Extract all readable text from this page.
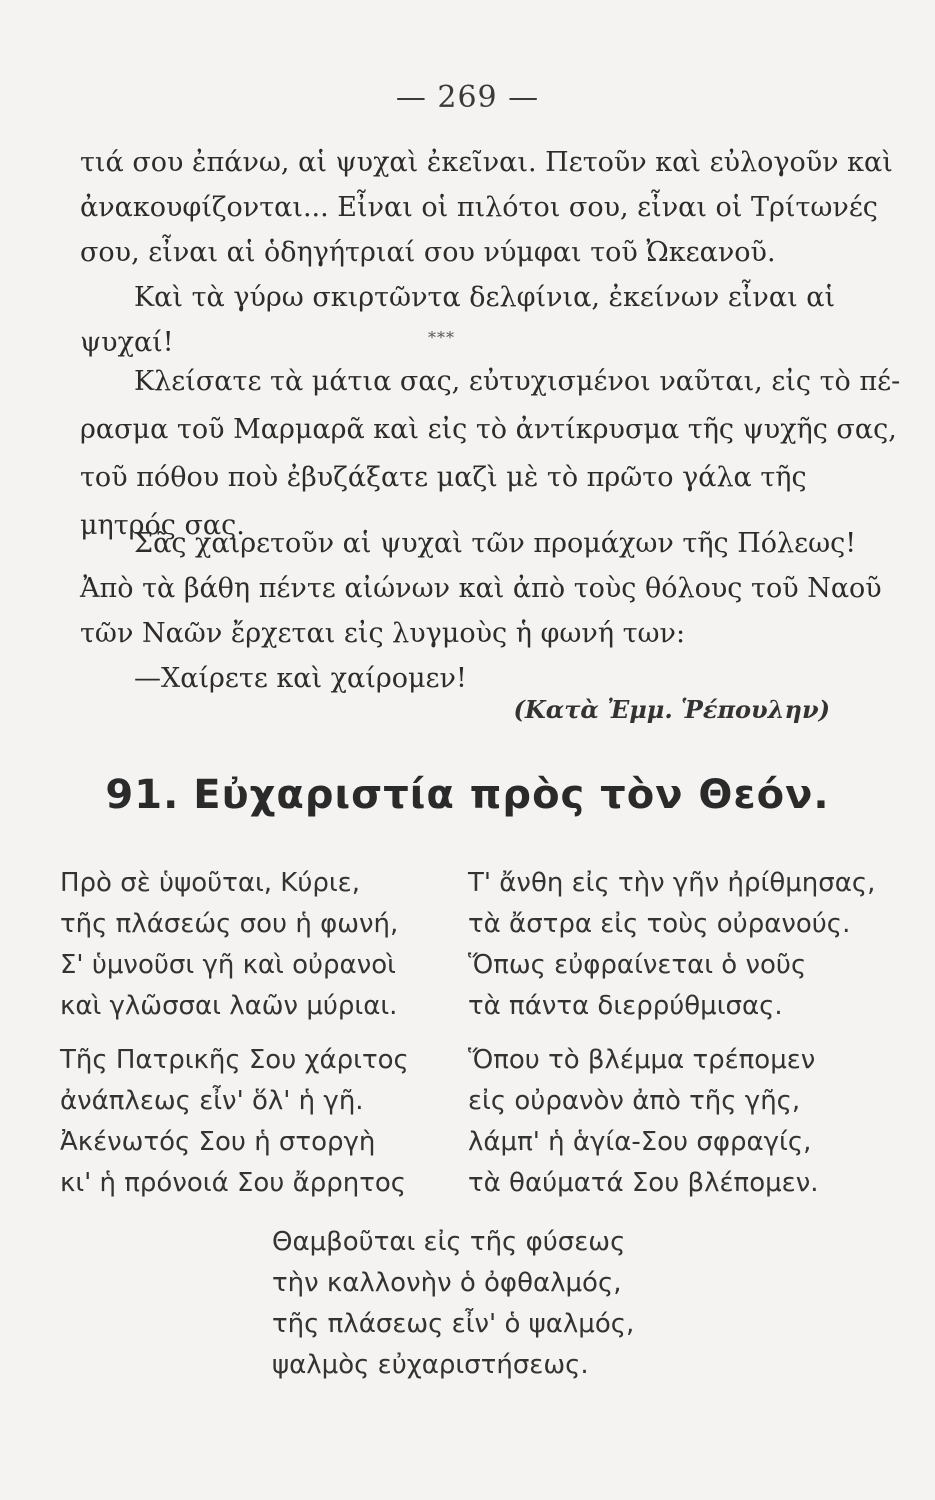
— 269 —
τιά σου ἐπάνω, αἱ ψυχαὶ ἐκεῖναι. Πετοῦν καὶ εὐλογοῦν καὶ
ἀνακουφίζονται... Εἶναι οἱ πιλότοι σου, εἶναι οἱ Τρίτωνές
σου, εἶναι αἱ ὁδηγήτριαί σου νύμφαι τοῦ Ὠκεανοῦ.
Καὶ τὰ γύρω σκιρτῶντα δελφίνια, ἐκείνων εἶναι αἱ
ψυχαί!	***
Κλείσατε τὰ μάτια σας, εὐτυχισμένοι ναῦται, εἰς τὸ πέ-
ρασμα τοῦ Μαρμαρᾶ καὶ εἰς τὸ ἀντίκρυσμα τῆς ψυχῆς σας,
τοῦ πόθου ποὺ ἐβυζάξατε μαζὶ μὲ τὸ πρῶτο γάλα τῆς
μητρός σας.
Σᾶς χαιρετοῦν αἱ ψυχαὶ τῶν προμάχων τῆς Πόλεως!
Ἀπὸ τὰ βάθη πέντε αἰώνων καὶ ἀπὸ τοὺς θόλους τοῦ Ναοῦ
τῶν Ναῶν ἔρχεται εἰς λυγμοὺς ἡ φωνή των:
—Χαίρετε καὶ χαίρομεν!
(Κατὰ Ἐμμ. Ῥέπουλην)
91. Εὐχαριστία πρὸς τὸν Θεόν.
Πρὸ σὲ ὑψοῦται, Κύριε,
τῆς πλάσεώς σου ἡ φωνή,
Σ' ὑμνοῦσι γῆ καὶ οὐρανοὶ
καὶ γλῶσσαι λαῶν μύριαι.
Τ' ἄνθη εἰς τὴν γῆν ἠρίθμησας,
τὰ ἄστρα εἰς τοὺς οὐρανούς.
Ὅπως εὐφραίνεται ὁ νοῦς
τὰ πάντα διερρύθμισας.
Τῆς Πατρικῆς Σου χάριτος
ἀνάπλεως εἶν' ὅλ' ἡ γῆ.
Ἀκένωτός Σου ἡ στοργὴ
κι' ἡ πρόνοιά Σου ἄρρητος
Ὅπου τὸ βλέμμα τρέπομεν
εἰς οὐρανὸν ἀπὸ τῆς γῆς,
λάμπ' ἡ ἁγία-Σου σφραγίς,
τὰ θαύματά Σου βλέπομεν.
Θαμβοῦται εἰς τῆς φύσεως
τὴν καλλονὴν ὁ ὀφθαλμός,
τῆς πλάσεως εἶν' ὁ ψαλμός,
ψαλμὸς εὐχαριστήσεως.
